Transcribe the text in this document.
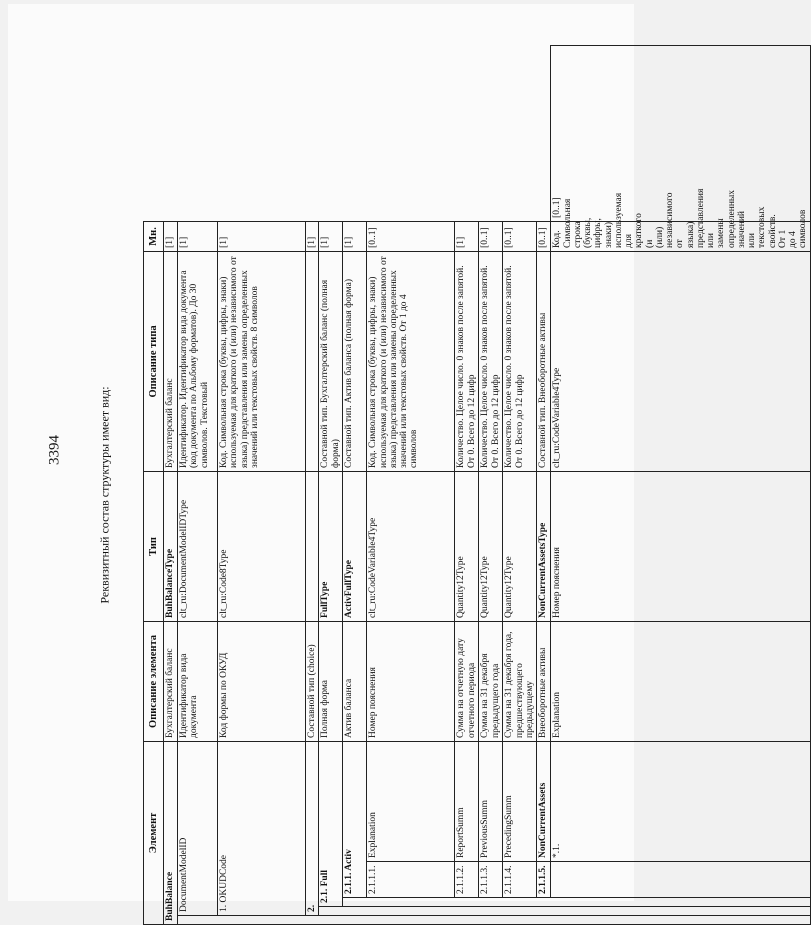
3394	Реквизитный состав структуры имеет вид:
Элемент					Описание элемента	Тип	Описание типа	Мн.	
BuhBalance					Бухгалтерский баланс	BuhBalanceType	Бухгалтерский баланс	[1]	
	DocumentModelID				Идентификатор вида документа	clt_ru:DocumentModelIDType	Идентификатор. Идентификатор вида документа (код документа по Альбому форматов). До 30 символов. Текстовый	[1]	
	1. OKUDCode				Код формы по ОКУД	clt_ru:Code8Type	Код. Символьная строка (буквы, цифры, знаки) используемая для краткого (и (или) независимого от языка) представления или замены определенных значений или текстовых свойств. 8 символов	[1]	
	2.				Составной тип (choice)			[1]	
		2.1. Full			Полная форма	FullType	Составной тип. Бухгалтерский баланс (полная форма)	[1]	
			2.1.1. Activ		Актив баланса	ActivFullType	Составной тип. Актив баланса (полная форма)	[1]	
			2.1.1.1.	Explanation	Номер пояснения	clt_ru:CodeVariable4Type	Код. Символьная строка (буквы, цифры, знаки) используемая для краткого (и (или) независимого от языка) представления или замены определенных значений или текстовых свойств. От 1 до 4 символов	[0..1]	
			2.1.1.2.	ReportSumm	Сумма на отчетную дату отчетного периода	Quantity12Type	Количество. Целое число. 0 знаков после запятой. От 0. Всего до 12 цифр	[1]	
			2.1.1.3.	PreviousSumm	Сумма на 31 декабря предыдущего года	Quantity12Type	Количество. Целое число. 0 знаков после запятой. От 0. Всего до 12 цифр	[0..1]	
			2.1.1.4.	PrecedingSumm	Сумма на 31 декабря года, предшествующего предыдущему	Quantity12Type	Количество. Целое число. 0 знаков после запятой. От 0. Всего до 12 цифр	[0..1]	
			2.1.1.5.	NonCurrentAssets	Внеоборотные активы	NonCurrentAssetsType	Составной тип. Внеоборотные активы	[0..1]	
				*.1.	Explanation	Номер пояснения	clt_ru:CodeVariable4Type	Код. Символьная строка (буквы, цифры, знаки) используемая для краткого (и (или) независимого от языка) представления или замены определенных значений или текстовых свойств. От 1 до 4 символов	[0..1]
